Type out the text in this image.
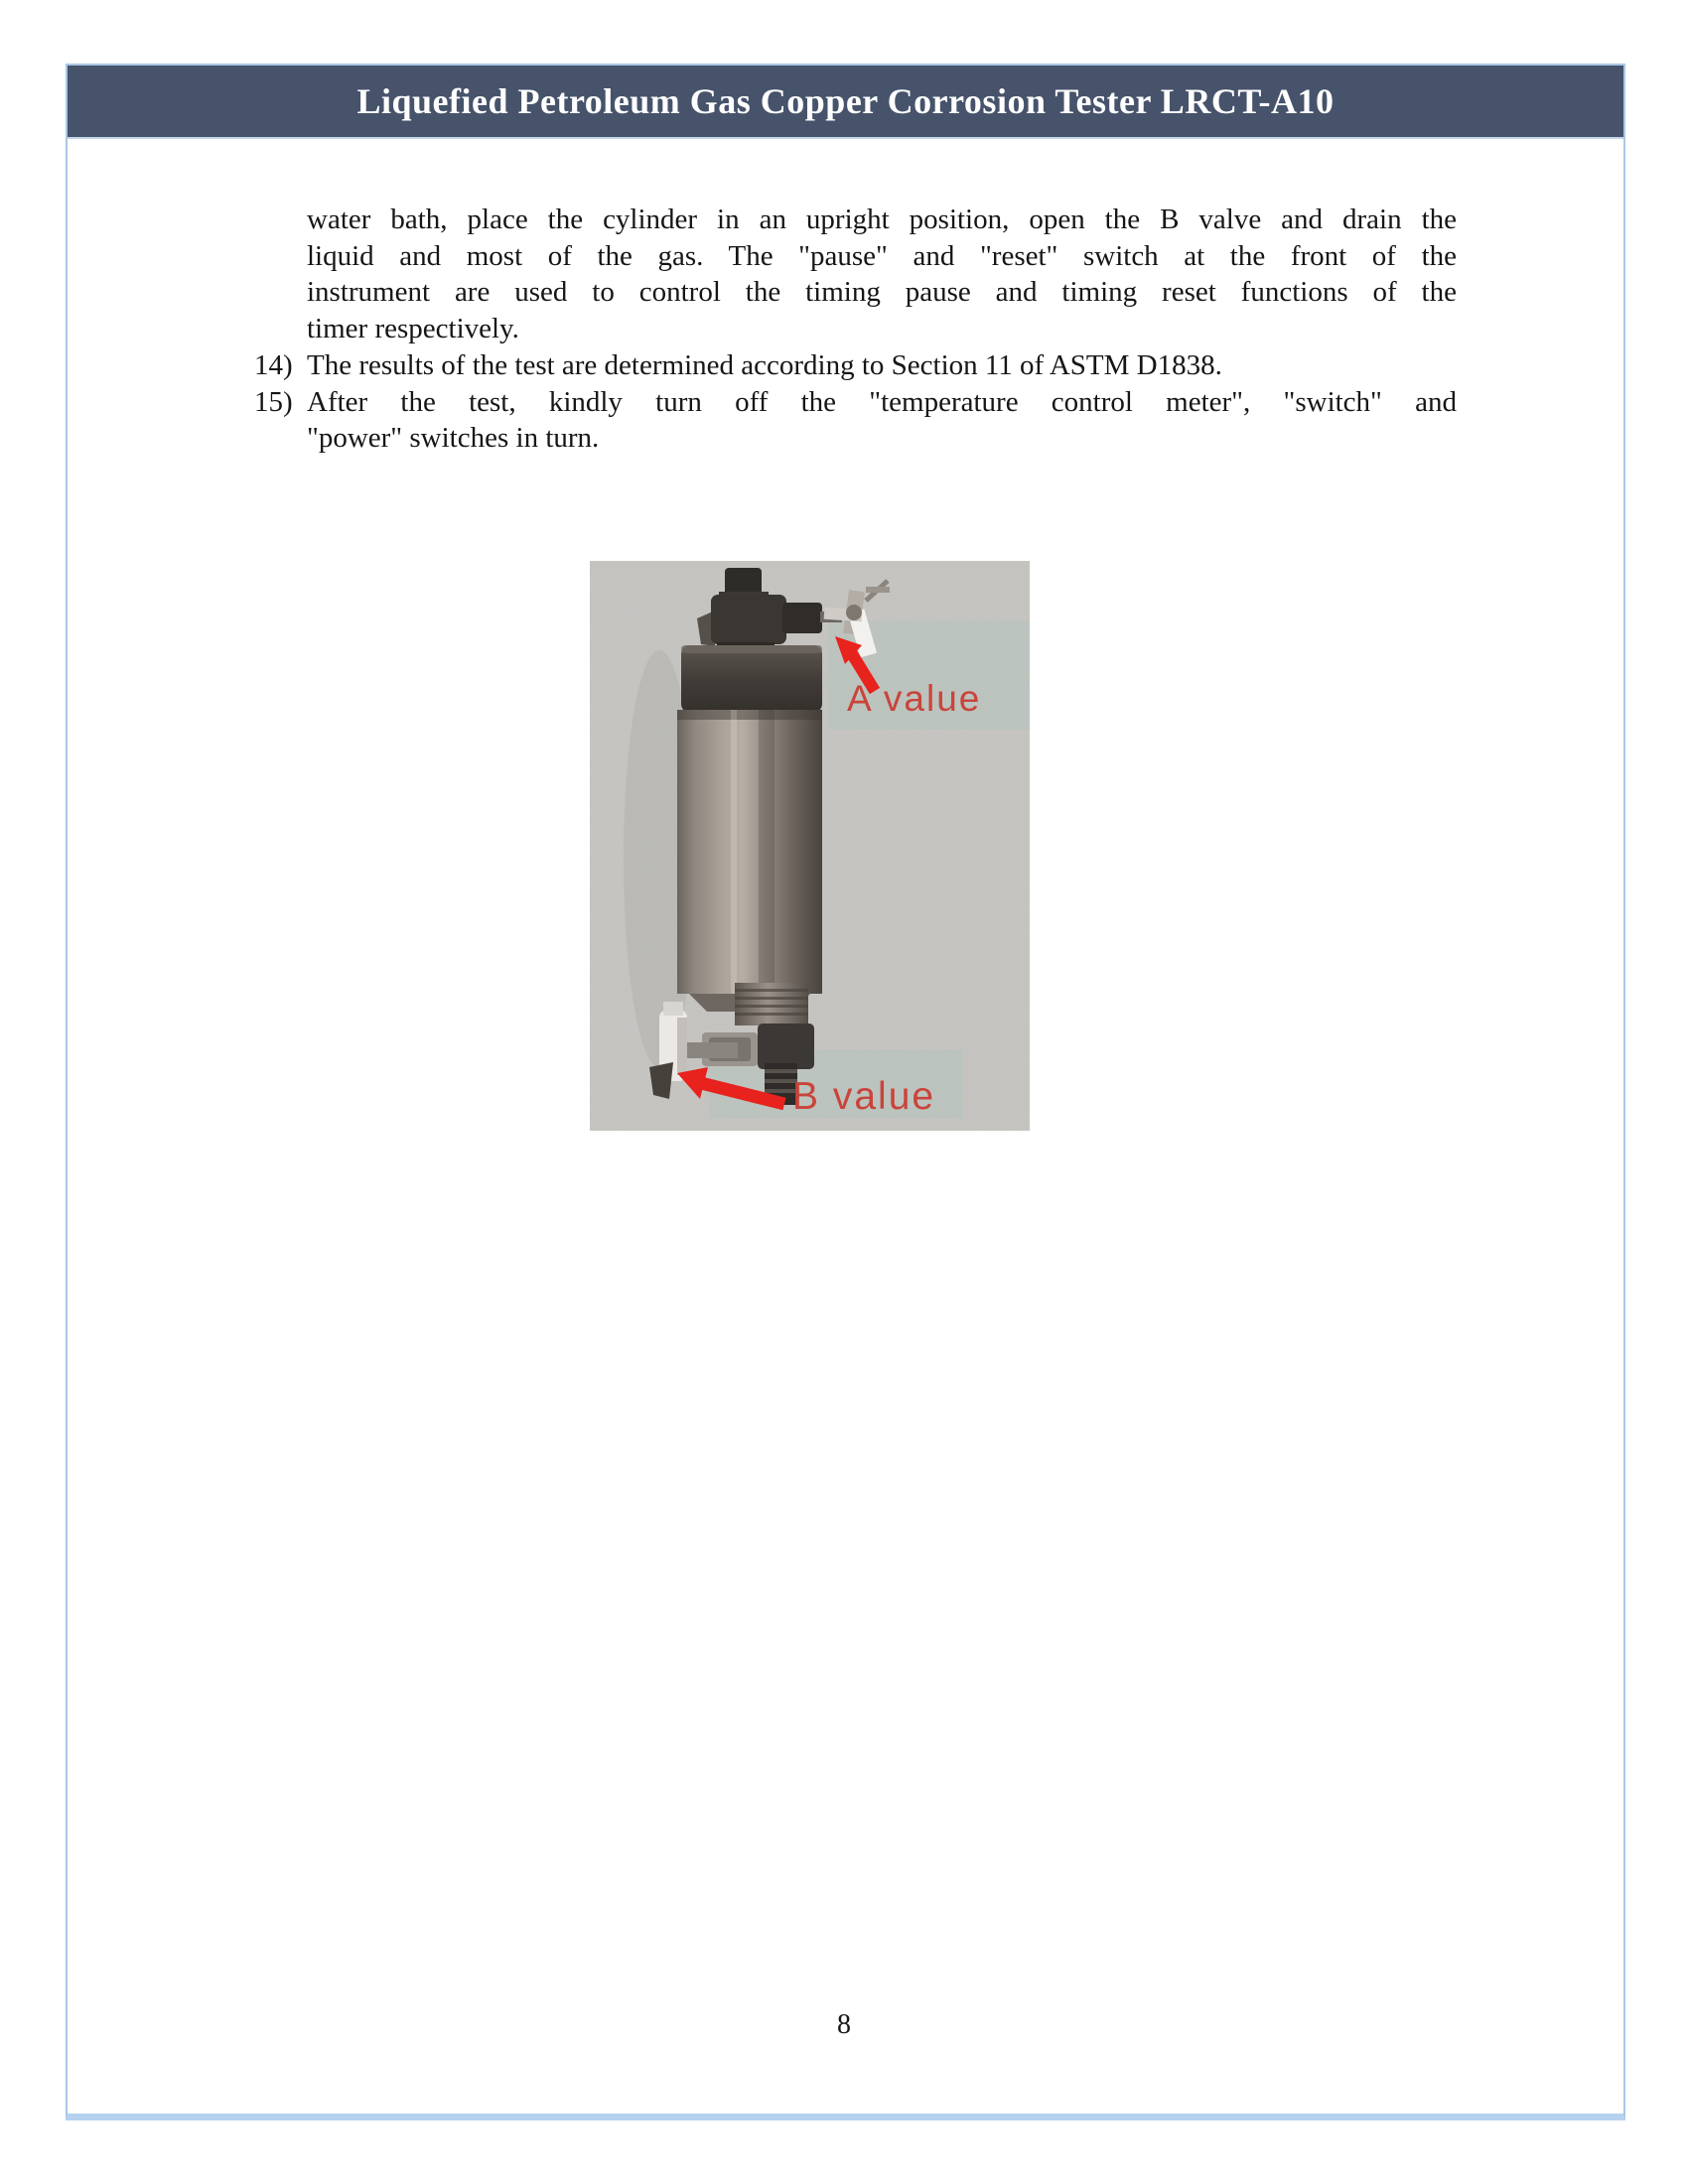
Liquefied Petroleum Gas Copper Corrosion Tester LRCT-A10
water bath, place the cylinder in an upright position, open the B valve and drain the
liquid and most of the gas. The "pause" and "reset" switch at the front of the
instrument are used to control the timing pause and timing reset functions of the
timer respectively.
14) The results of the test are determined according to Section 11 of ASTM D1838.
15) After the test, kindly turn off the "temperature control meter", "switch" and
"power" switches in turn.
A value
B value
8
